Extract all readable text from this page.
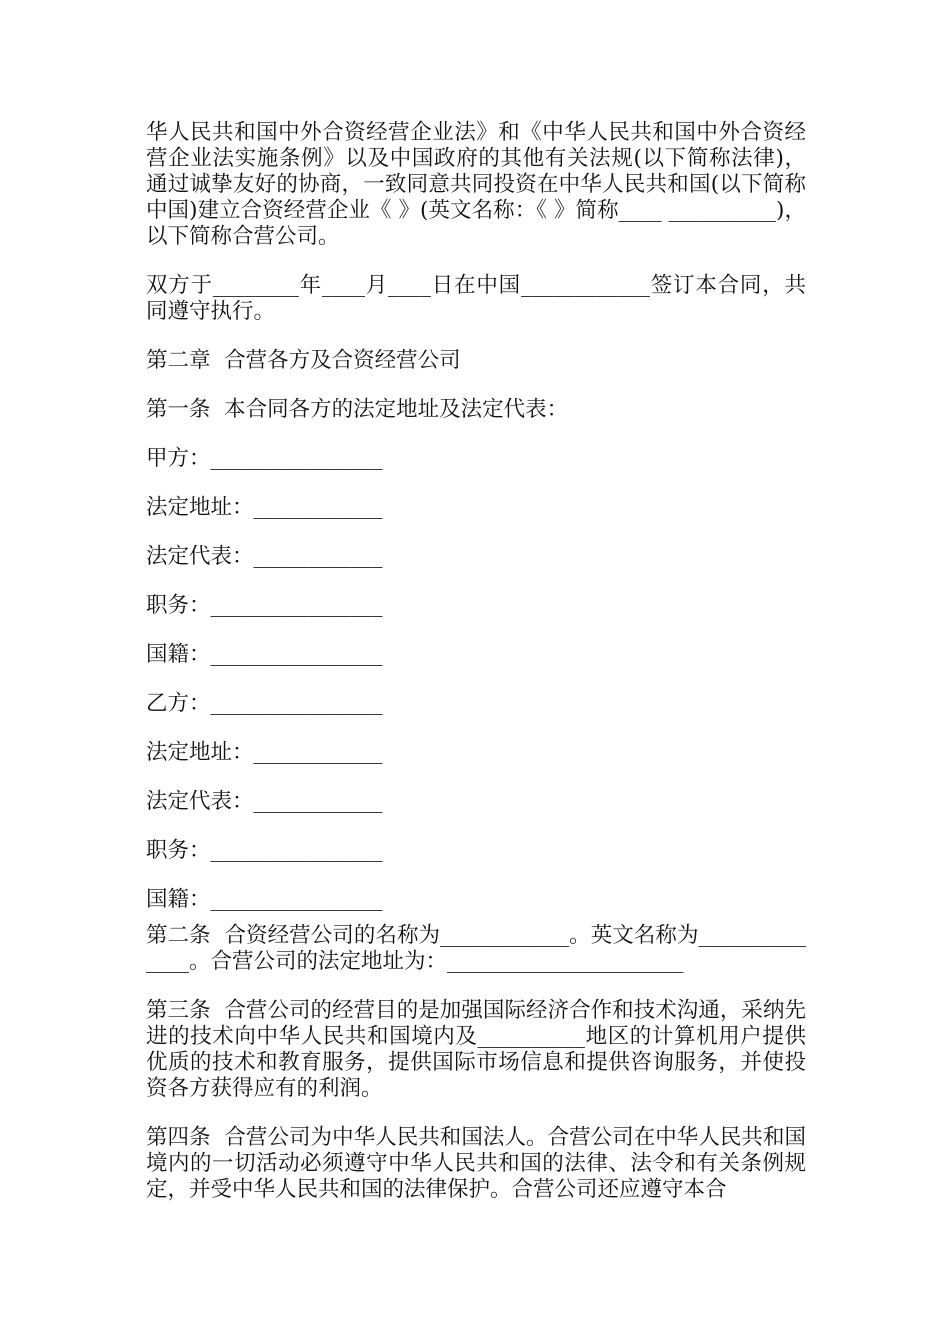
华人民共和国中外合资经营企业法》和《中华人民共和国中外合资经营企业法实施条例》以及中国政府的其他有关法规(以下简称法律)，通过诚挚友好的协商，一致同意共同投资在中华人民共和国(以下简称中国)建立合资经营企业《 》(英文名称：《 》简称____ __________)，以下简称合营公司。

双方于________年____月____日在中国____________签订本合同，共同遵守执行。

第二章  合营各方及合资经营公司

第一条  本合同各方的法定地址及法定代表：

甲方：________________
法定地址：____________
法定代表：____________
职务：________________
国籍：________________
乙方：________________
法定地址：____________
法定代表：____________
职务：________________
国籍：________________

第二条  合资经营公司的名称为____________。英文名称为______________。合营公司的法定地址为：______________________

第三条  合营公司的经营目的是加强国际经济合作和技术沟通，采纳先进的技术向中华人民共和国境内及__________地区的计算机用户提供优质的技术和教育服务，提供国际市场信息和提供咨询服务，并使投资各方获得应有的利润。

第四条  合营公司为中华人民共和国法人。合营公司在中华人民共和国境内的一切活动必须遵守中华人民共和国的法律、法令和有关条例规定，并受中华人民共和国的法律保护。合营公司还应遵守本合
